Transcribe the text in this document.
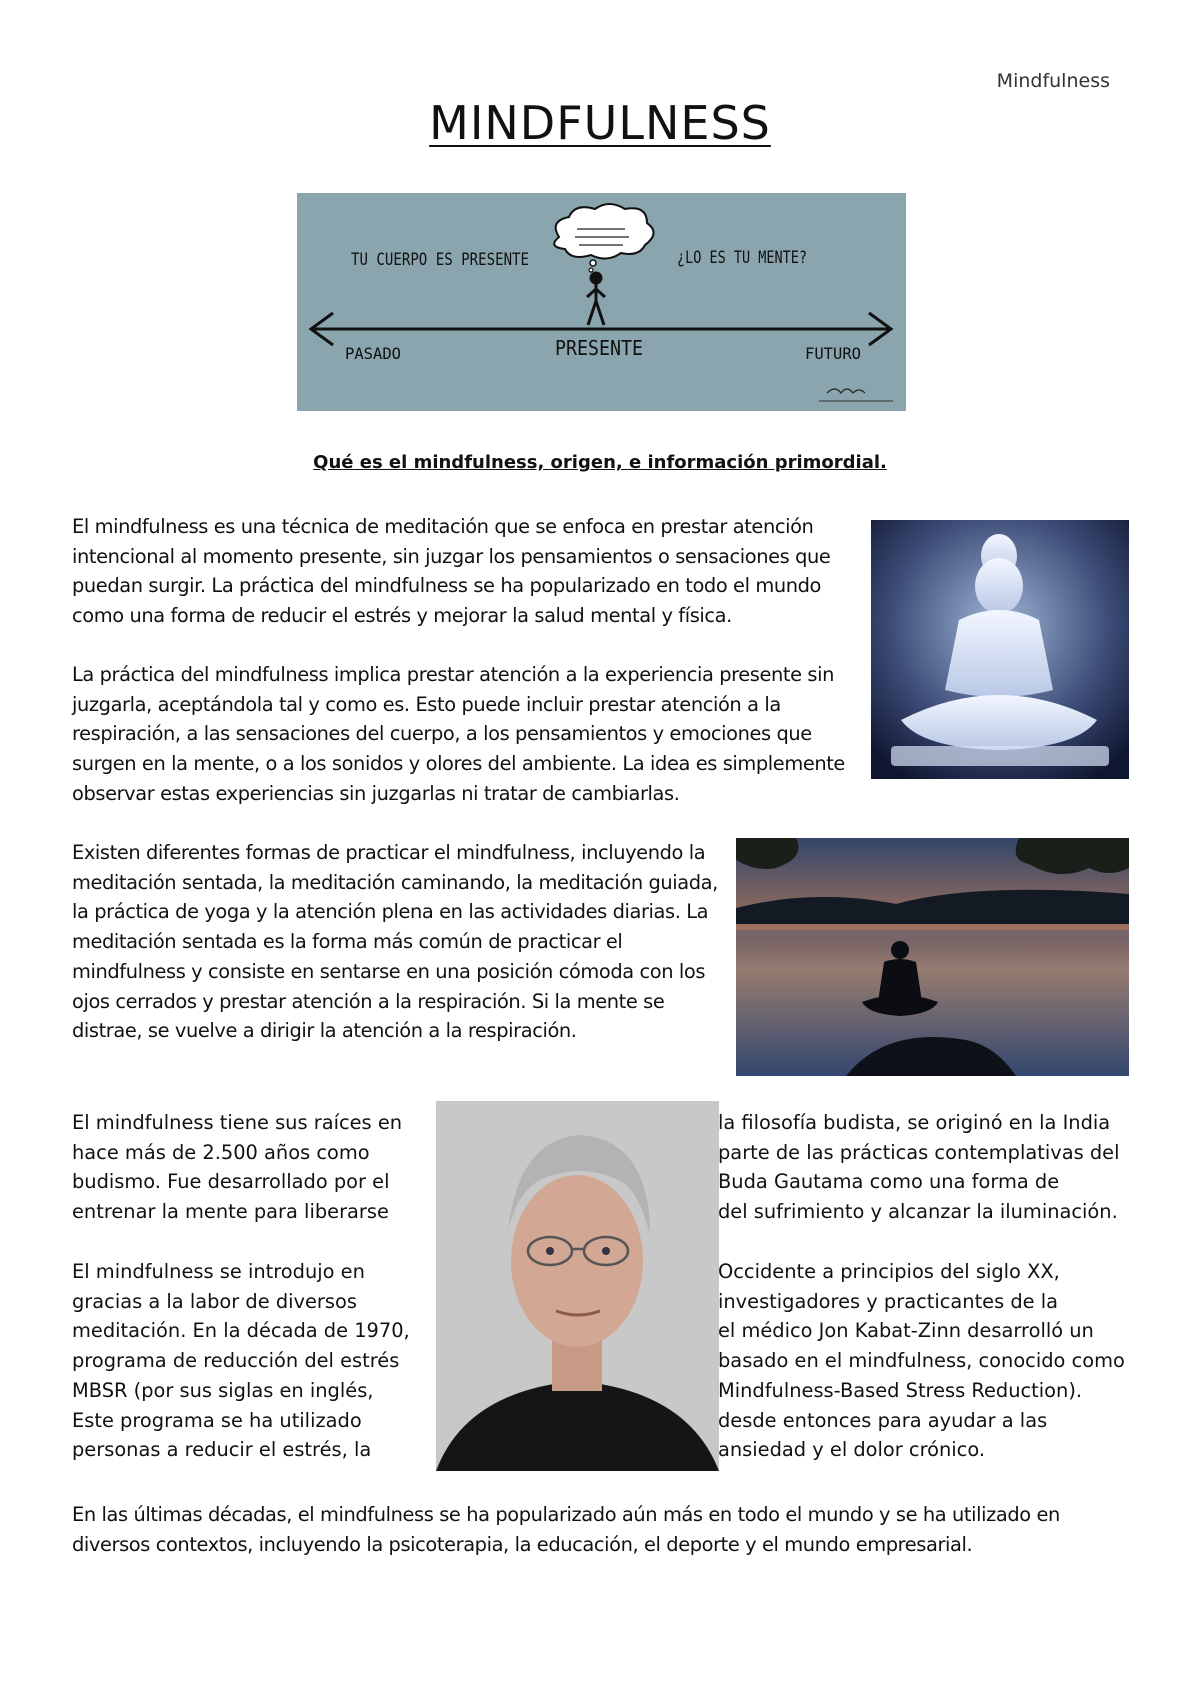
Mindfulness
MINDFULNESS
TU CUERPO ES PRESENTE	¿LO ES TU MENTE?
PASADO	PRESENTE	FUTURO
Qué es el mindfulness, origen, e información primordial.

El mindfulness es una técnica de meditación que se enfoca en prestar atención intencional al momento presente, sin juzgar los pensamientos o sensaciones que puedan surgir. La práctica del mindfulness se ha popularizado en todo el mundo como una forma de reducir el estrés y mejorar la salud mental y física.

La práctica del mindfulness implica prestar atención a la experiencia presente sin juzgarla, aceptándola tal y como es. Esto puede incluir prestar atención a la respiración, a las sensaciones del cuerpo, a los pensamientos y emociones que surgen en la mente, o a los sonidos y olores del ambiente. La idea es simplemente observar estas experiencias sin juzgarlas ni tratar de cambiarlas.

Existen diferentes formas de practicar el mindfulness, incluyendo la meditación sentada, la meditación caminando, la meditación guiada, la práctica de yoga y la atención plena en las actividades diarias. La meditación sentada es la forma más común de practicar el mindfulness y consiste en sentarse en una posición cómoda con los ojos cerrados y prestar atención a la respiración. Si la mente se distrae, se vuelve a dirigir la atención a la respiración.

El mindfulness tiene sus raíces en
hace más de 2.500 años como
budismo. Fue desarrollado por el
entrenar la mente para liberarse
la filosofía budista, se originó en la India
parte de las prácticas contemplativas del
Buda Gautama como una forma de
del sufrimiento y alcanzar la iluminación.
El mindfulness se introdujo en
gracias a la labor de diversos
meditación. En la década de 1970,
programa de reducción del estrés
MBSR (por sus siglas en inglés,
Este programa se ha utilizado
personas a reducir el estrés, la
Occidente a principios del siglo XX,
investigadores y practicantes de la
el médico Jon Kabat-Zinn desarrolló un
basado en el mindfulness, conocido como
Mindfulness-Based Stress Reduction).
desde entonces para ayudar a las
ansiedad y el dolor crónico.

En las últimas décadas, el mindfulness se ha popularizado aún más en todo el mundo y se ha utilizado en diversos contextos, incluyendo la psicoterapia, la educación, el deporte y el mundo empresarial.
